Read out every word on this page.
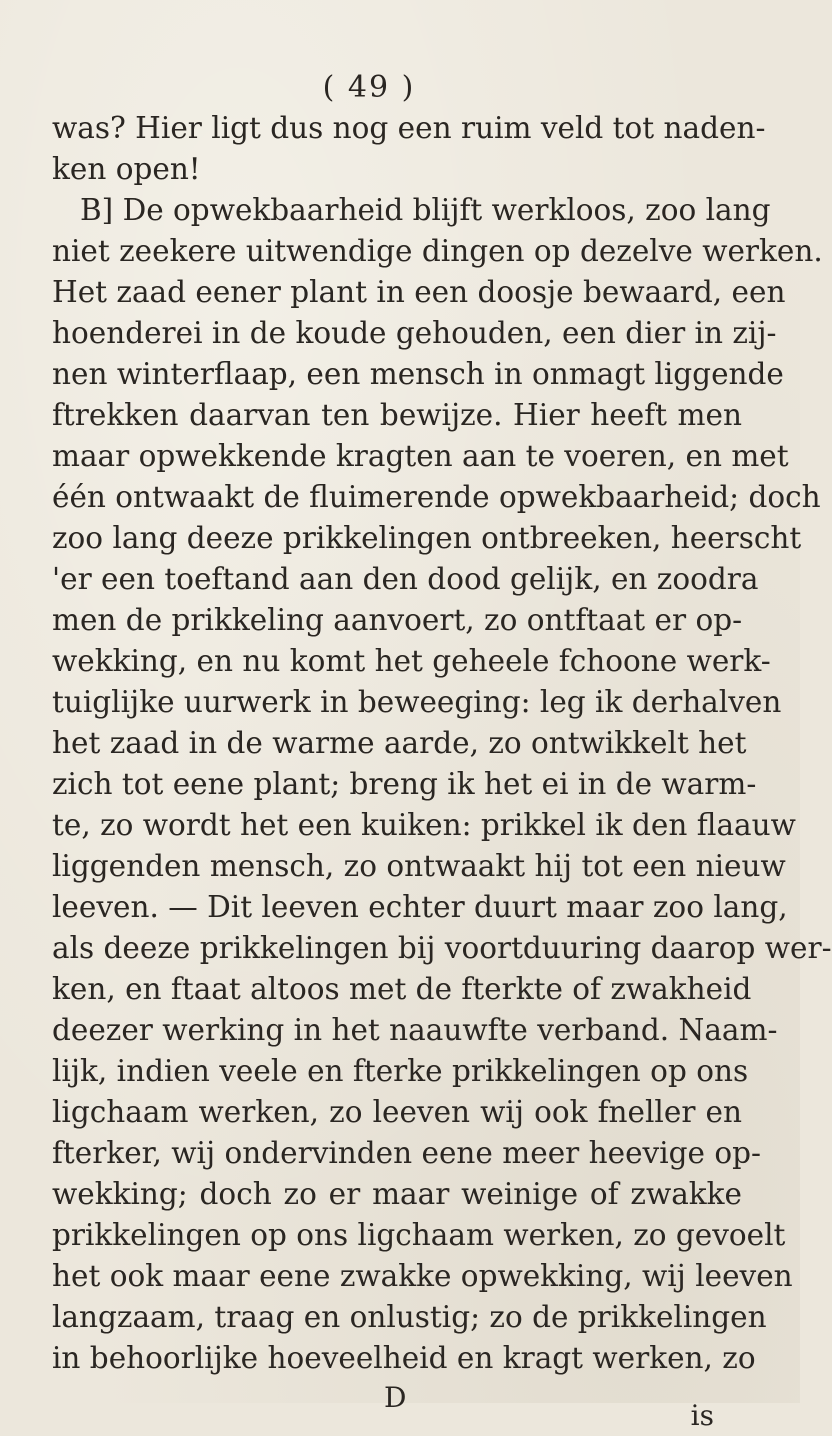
( 49 )
was? Hier ligt dus nog een ruim veld tot naden-
ken open!
B] De opwekbaarheid blijft werkloos, zoo lang
niet zeekere uitwendige dingen op dezelve werken.
Het zaad eener plant in een doosje bewaard, een
hoenderei in de koude gehouden, een dier in zij-
nen winterflaap, een mensch in onmagt liggende
ftrekken daarvan ten bewijze. Hier heeft men
maar opwekkende kragten aan te voeren, en met
één ontwaakt de fluimerende opwekbaarheid; doch
zoo lang deeze prikkelingen ontbreeken, heerscht
'er een toeftand aan den dood gelijk, en zoodra
men de prikkeling aanvoert, zo ontftaat er op-
wekking, en nu komt het geheele fchoone werk-
tuiglijke uurwerk in beweeging: leg ik derhalven
het zaad in de warme aarde, zo ontwikkelt het
zich tot eene plant; breng ik het ei in de warm-
te, zo wordt het een kuiken: prikkel ik den flaauw
liggenden mensch, zo ontwaakt hij tot een nieuw
leeven. — Dit leeven echter duurt maar zoo lang,
als deeze prikkelingen bij voortduuring daarop wer-
ken, en ftaat altoos met de fterkte of zwakheid
deezer werking in het naauwfte verband. Naam-
lijk, indien veele en fterke prikkelingen op ons
ligchaam werken, zo leeven wij ook fneller en
fterker, wij ondervinden eene meer heevige op-
wekking; doch zo er maar weinige of zwakke
prikkelingen op ons ligchaam werken, zo gevoelt
het ook maar eene zwakke opwekking, wij leeven
langzaam, traag en onlustig; zo de prikkelingen
in behoorlijke hoeveelheid en kragt werken, zo
D
is
